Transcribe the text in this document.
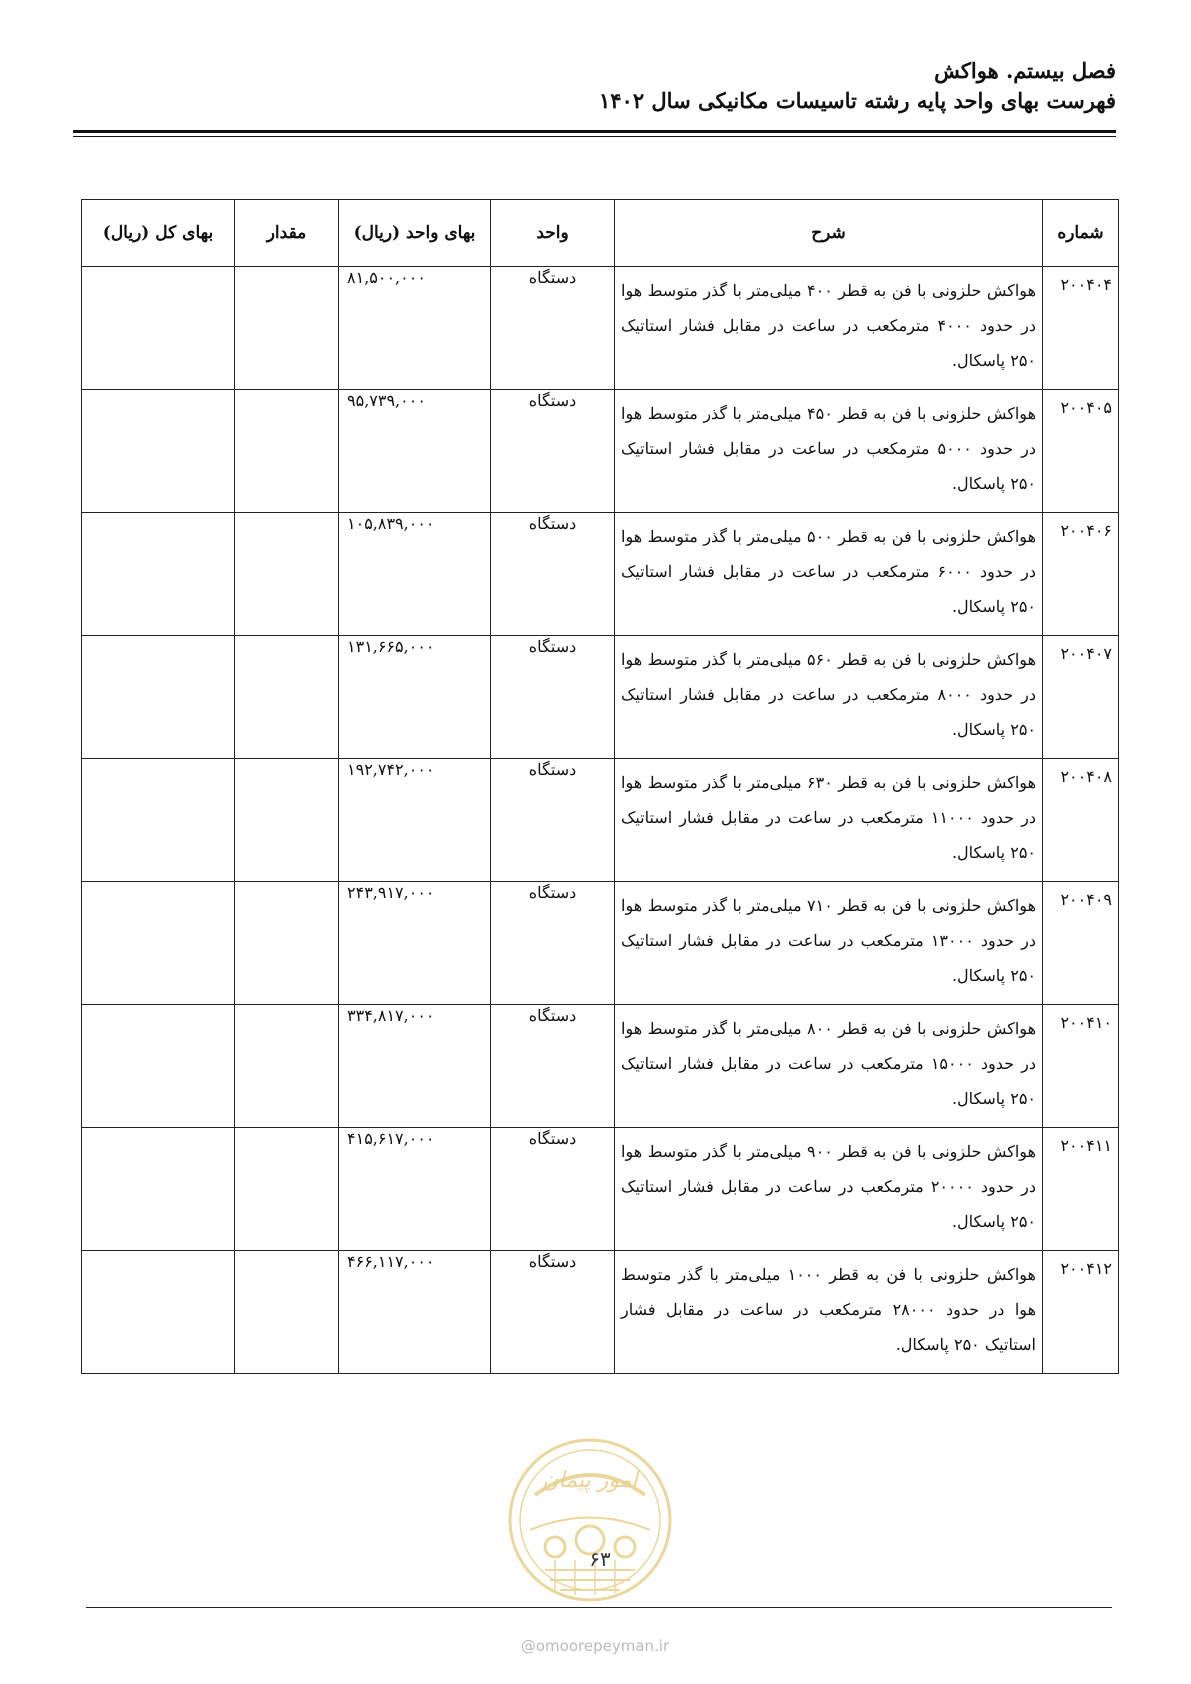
فصل بیستم. هواکش

فهرست بهای واحد پایه رشته تاسیسات مکانیکی سال ۱۴۰۲

شماره	شرح	واحد	بهای واحد (ریال)	مقدار	بهای کل (ریال)
۲۰۰۴۰۴	هواکش حلزونی با فن به قطر ۴۰۰ میلی‌متر با گذر متوسط هوا در حدود ۴۰۰۰ مترمکعب در ساعت در مقابل فشار استاتیک ۲۵۰ پاسکال.	دستگاه	۸۱,۵۰۰,۰۰۰		
۲۰۰۴۰۵	هواکش حلزونی با فن به قطر ۴۵۰ میلی‌متر با گذر متوسط هوا در حدود ۵۰۰۰ مترمکعب در ساعت در مقابل فشار استاتیک ۲۵۰ پاسکال.	دستگاه	۹۵,۷۳۹,۰۰۰		
۲۰۰۴۰۶	هواکش حلزونی با فن به قطر ۵۰۰ میلی‌متر با گذر متوسط هوا در حدود ۶۰۰۰ مترمکعب در ساعت در مقابل فشار استاتیک ۲۵۰ پاسکال.	دستگاه	۱۰۵,۸۳۹,۰۰۰		
۲۰۰۴۰۷	هواکش حلزونی با فن به قطر ۵۶۰ میلی‌متر با گذر متوسط هوا در حدود ۸۰۰۰ مترمکعب در ساعت در مقابل فشار استاتیک ۲۵۰ پاسکال.	دستگاه	۱۳۱,۶۶۵,۰۰۰		
۲۰۰۴۰۸	هواکش حلزونی با فن به قطر ۶۳۰ میلی‌متر با گذر متوسط هوا در حدود ۱۱۰۰۰ مترمکعب در ساعت در مقابل فشار استاتیک ۲۵۰ پاسکال.	دستگاه	۱۹۲,۷۴۲,۰۰۰		
۲۰۰۴۰۹	هواکش حلزونی با فن به قطر ۷۱۰ میلی‌متر با گذر متوسط هوا در حدود ۱۳۰۰۰ مترمکعب در ساعت در مقابل فشار استاتیک ۲۵۰ پاسکال.	دستگاه	۲۴۳,۹۱۷,۰۰۰		
۲۰۰۴۱۰	هواکش حلزونی با فن به قطر ۸۰۰ میلی‌متر با گذر متوسط هوا در حدود ۱۵۰۰۰ مترمکعب در ساعت در مقابل فشار استاتیک ۲۵۰ پاسکال.	دستگاه	۳۳۴,۸۱۷,۰۰۰		
۲۰۰۴۱۱	هواکش حلزونی با فن به قطر ۹۰۰ میلی‌متر با گذر متوسط هوا در حدود ۲۰۰۰۰ مترمکعب در ساعت در مقابل فشار استاتیک ۲۵۰ پاسکال.	دستگاه	۴۱۵,۶۱۷,۰۰۰		
۲۰۰۴۱۲	هواکش حلزونی با فن به قطر ۱۰۰۰ میلی‌متر با گذر متوسط هوا در حدود ۲۸۰۰۰ مترمکعب در ساعت در مقابل فشار استاتیک ۲۵۰ پاسکال.	دستگاه	۴۶۶,۱۱۷,۰۰۰		
امور پیمان
۶۳
@omoorepeyman.ir
